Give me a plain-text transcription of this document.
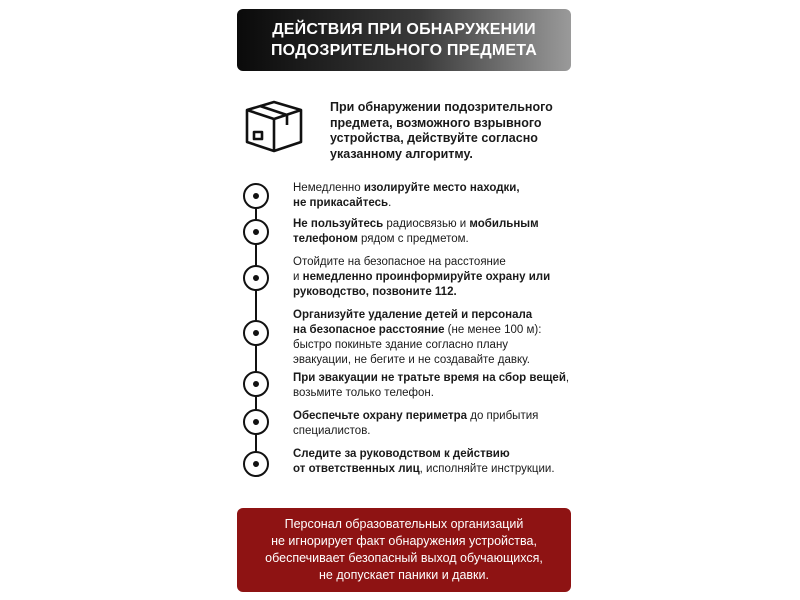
ДЕЙСТВИЯ ПРИ ОБНАРУЖЕНИИ
ПОДОЗРИТЕЛЬНОГО ПРЕДМЕТА
При обнаружении подозрительного
предмета, возможного взрывного
устройства, действуйте согласно
указанному алгоритму.
Немедленно изолируйте место находки,
не прикасайтесь.
Не пользуйтесь радиосвязью и мобильным
телефоном рядом с предметом.
Отойдите на безопасное на расстояние
и немедленно проинформируйте охрану или
руководство, позвоните 112.
Организуйте удаление детей и персонала
на безопасное расстояние (не менее 100 м):
быстро покиньте здание согласно плану
эвакуации, не бегите и не создавайте давку.
При эвакуации не тратьте время на сбор вещей,
возьмите только телефон.
Обеспечьте охрану периметра до прибытия
специалистов.
Следите за руководством к действию
от ответственных лиц, исполняйте инструкции.
Персонал образовательных организаций
не игнорирует факт обнаружения устройства,
обеспечивает безопасный выход обучающихся,
не допускает паники и давки.
